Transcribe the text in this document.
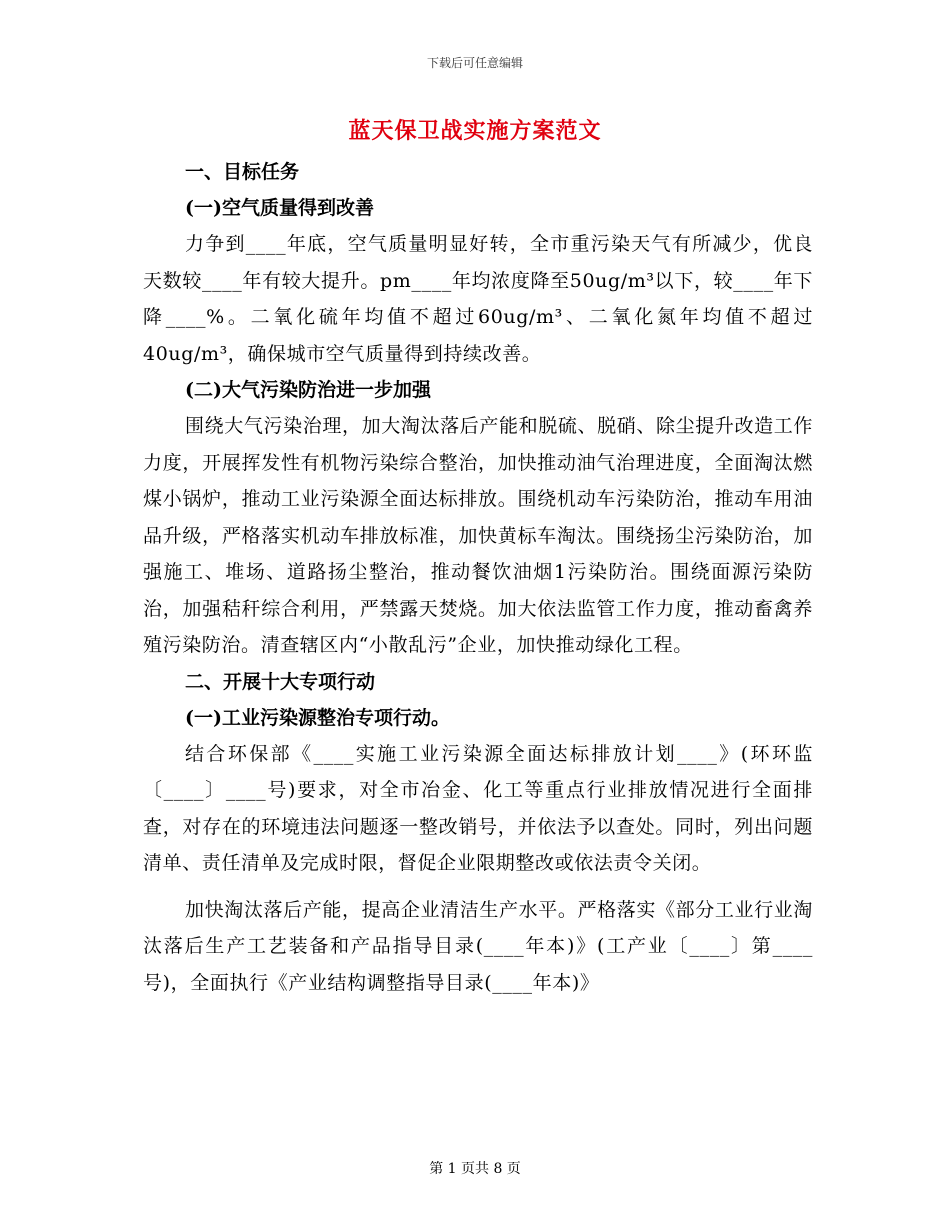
下载后可任意编辑
蓝天保卫战实施方案范文

一、目标任务

(一)空气质量得到改善

力争到____年底，空气质量明显好转，全市重污染天气有所减少，优良天数较____年有较大提升。pm____年均浓度降至50ug/m³以下，较____年下降____%。二氧化硫年均值不超过60ug/m³、二氧化氮年均值不超过40ug/m³，确保城市空气质量得到持续改善。

(二)大气污染防治进一步加强

围绕大气污染治理，加大淘汰落后产能和脱硫、脱硝、除尘提升改造工作力度，开展挥发性有机物污染综合整治，加快推动油气治理进度，全面淘汰燃煤小锅炉，推动工业污染源全面达标排放。围绕机动车污染防治，推动车用油品升级，严格落实机动车排放标准，加快黄标车淘汰。围绕扬尘污染防治，加强施工、堆场、道路扬尘整治，推动餐饮油烟1污染防治。围绕面源污染防治，加强秸秆综合利用，严禁露天焚烧。加大依法监管工作力度，推动畜禽养殖污染防治。清查辖区内“小散乱污”企业，加快推动绿化工程。

二、开展十大专项行动

(一)工业污染源整治专项行动。

结合环保部《____实施工业污染源全面达标排放计划____》(环环监〔____〕____号)要求，对全市冶金、化工等重点行业排放情况进行全面排查，对存在的环境违法问题逐一整改销号，并依法予以查处。同时，列出问题清单、责任清单及完成时限，督促企业限期整改或依法责令关闭。

加快淘汰落后产能，提高企业清洁生产水平。严格落实《部分工业行业淘汰落后生产工艺装备和产品指导目录(____年本)》(工产业〔____〕第____号)，全面执行《产业结构调整指导目录(____年本)》

第 1 页共 8 页
